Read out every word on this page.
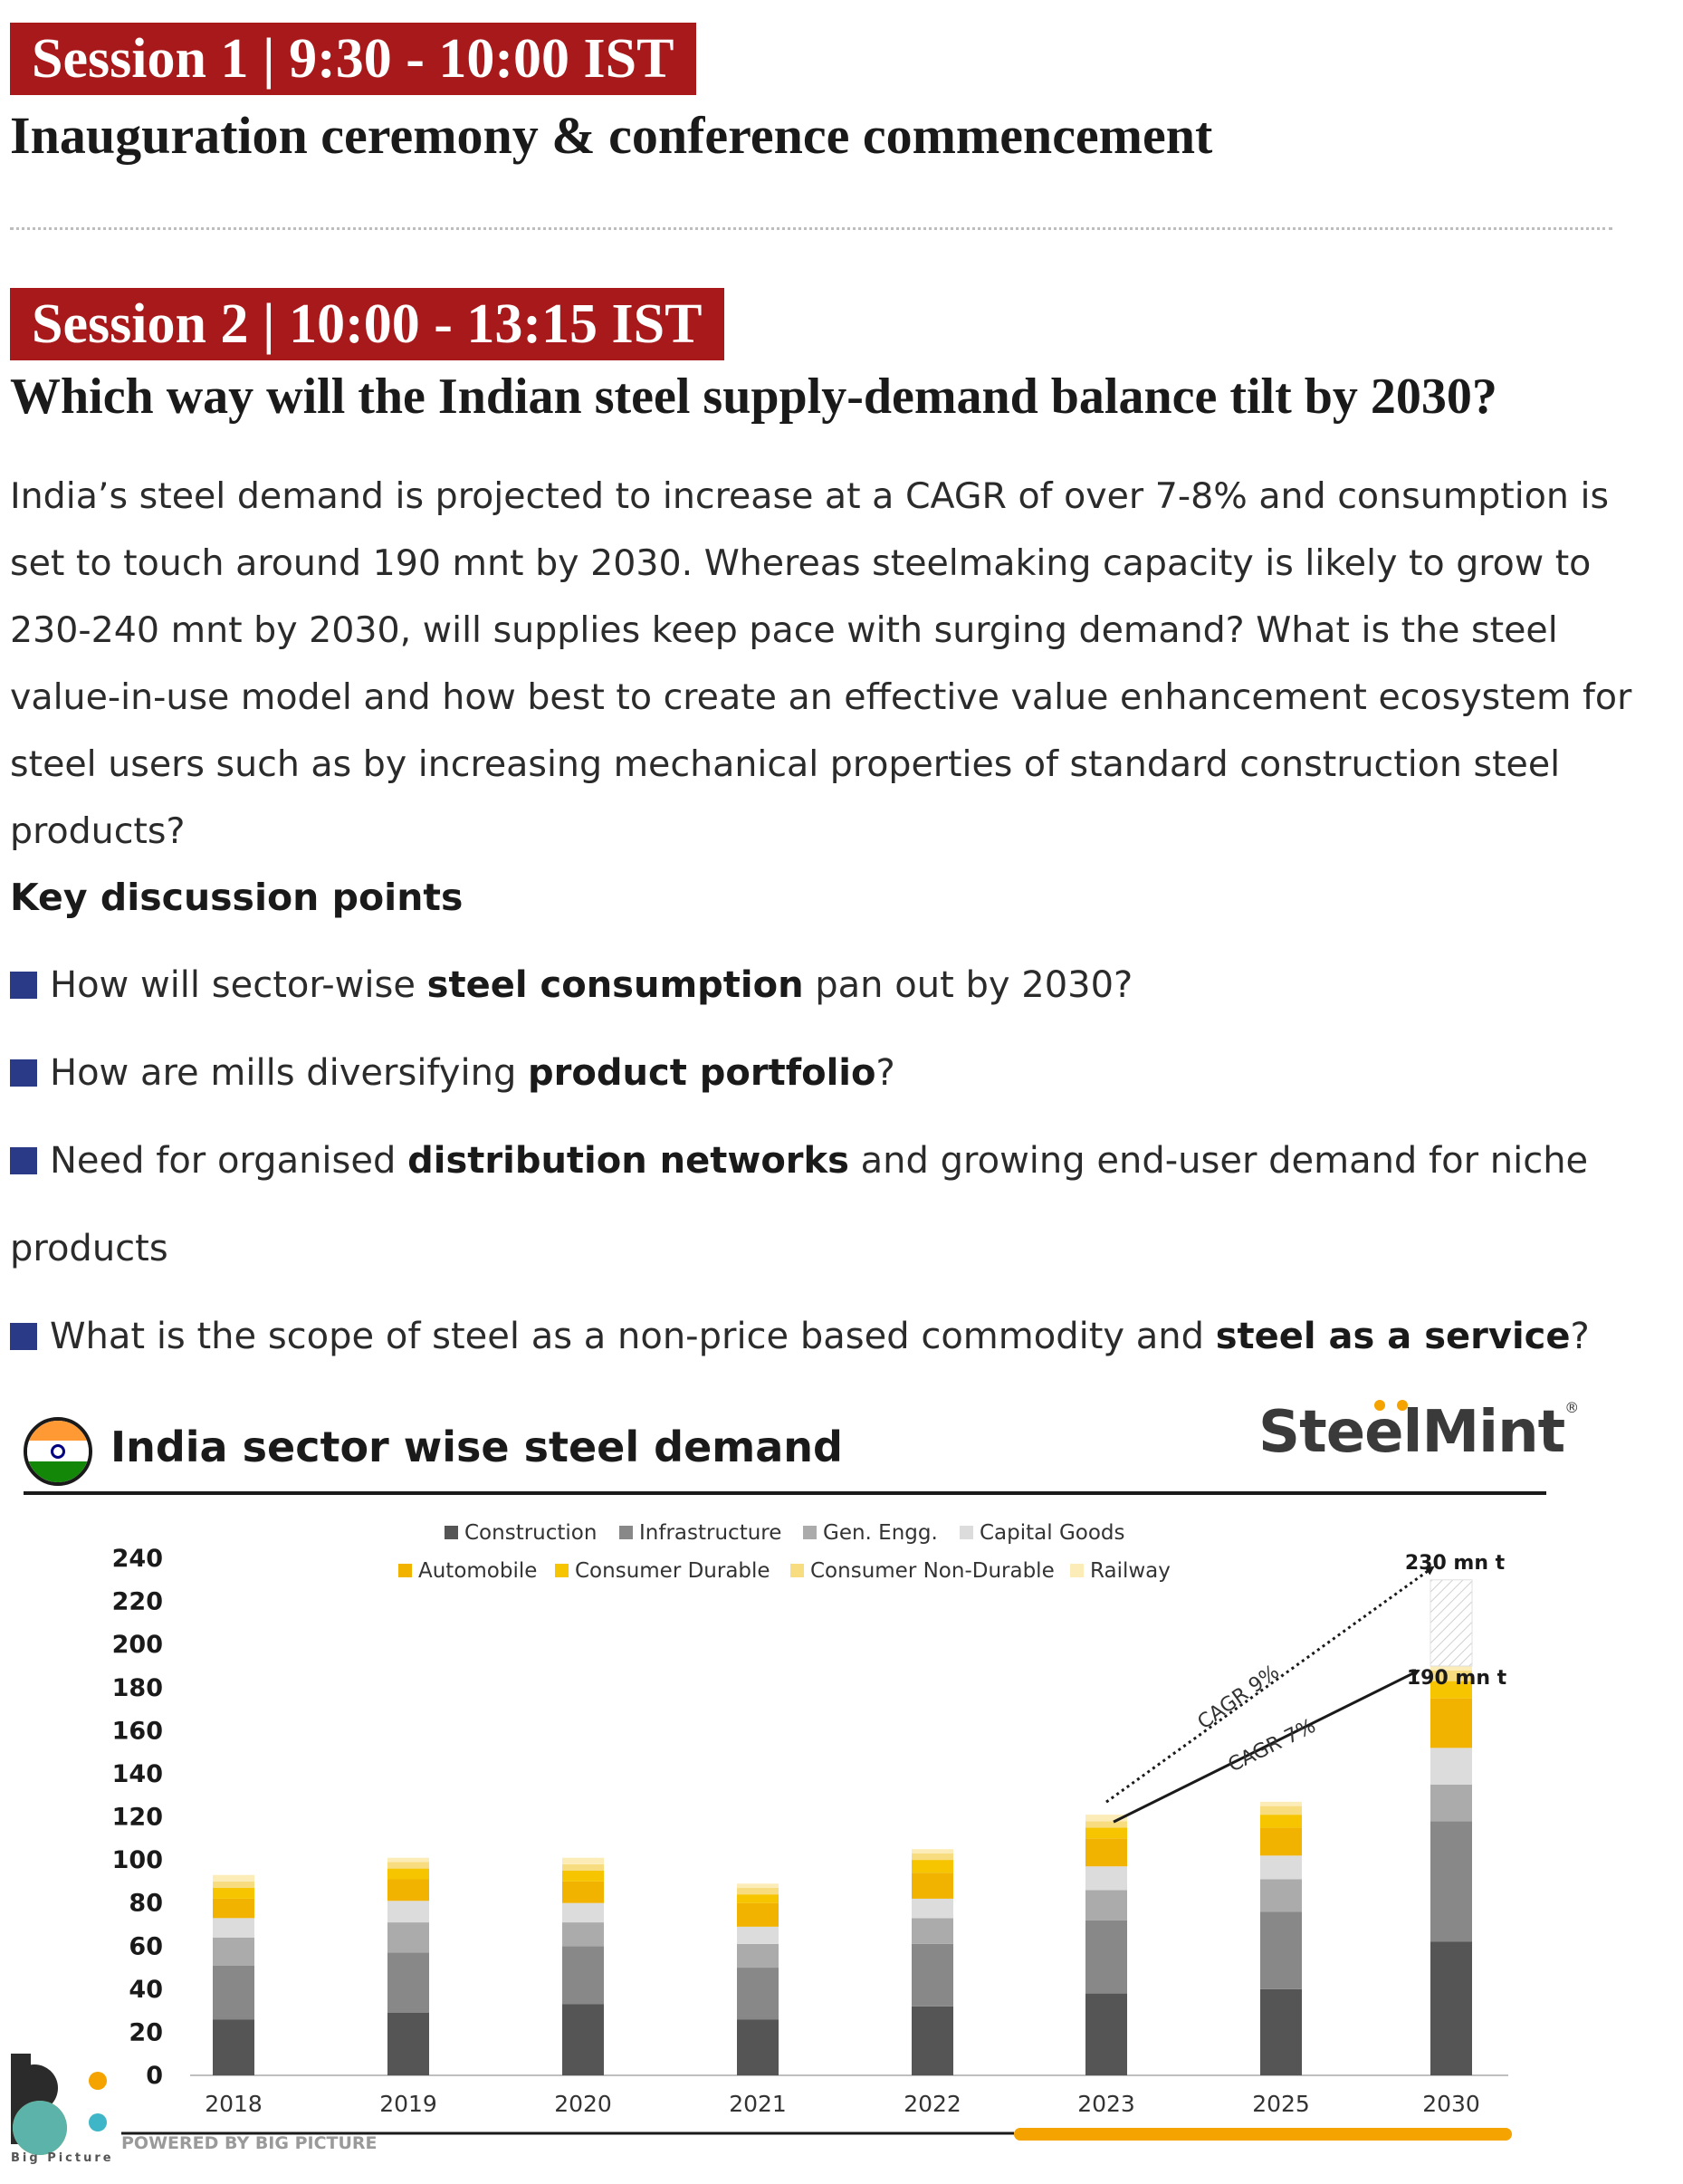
Session 1 | 9:30 - 10:00 IST
Inauguration ceremony & conference commencement
Session 2 | 10:00 - 13:15 IST
Which way will the Indian steel supply-demand balance tilt by 2030?
India’s steel demand is projected to increase at a CAGR of over 7-8% and consumption is set to touch around 190 mnt by 2030. Whereas steelmaking capacity is likely to grow to 230-240 mnt by 2030, will supplies keep pace with surging demand? What is the steel value-in-use model and how best to create an effective value enhancement ecosystem for steel users such as by increasing mechanical properties of standard construction steel products?
Key discussion points
How will sector-wise steel consumption pan out by 2030?
How are mills diversifying product portfolio?
Need for organised distribution networks and growing end-user demand for niche products
What is the scope of steel as a non-price based commodity and steel as a service?
India sector wise steel demand	SteelMint®
0
20
40
60
80
100
120
140
160
180
200
220
240
2018	2019	2020	2021	2022	2023	2025	2030
230 mn t
190 mn t
CAGR 9%
CAGR 7%
Construction Infrastructure Gen. Engg. Capital Goods
Automobile Consumer Durable Consumer Non-Durable Railway
Big Picture
POWERED BY BIG PICTURE
